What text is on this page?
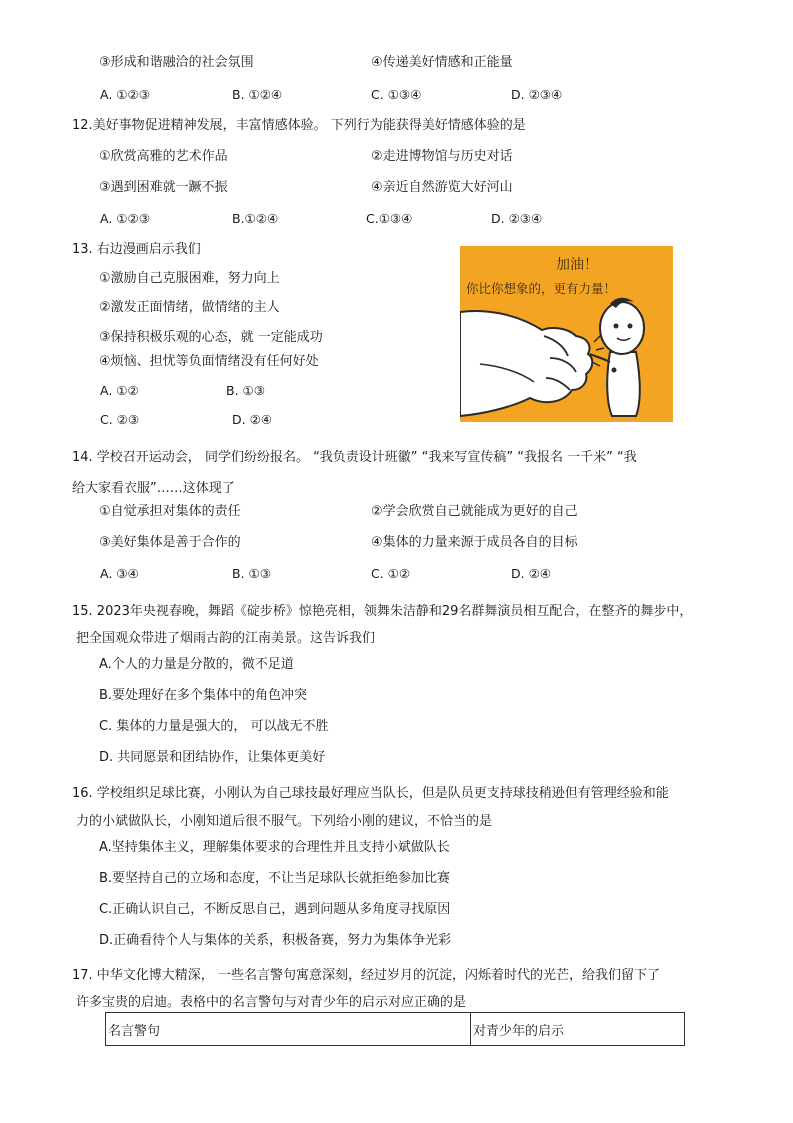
③形成和谐融洽的社会氛围	④传递美好情感和正能量
A. ①②③	B. ①②④	C. ①③④	D. ②③④
12.美好事物促进精神发展，丰富情感体验。 下列行为能获得美好情感体验的是
①欣赏高雅的艺术作品	②走进博物馆与历史对话
③遇到困难就一蹶不振	④亲近自然游览大好河山
A. ①②③	B.①②④	C.①③④	D. ②③④
13. 右边漫画启示我们
①激励自己克服困难，努力向上
②激发正面情绪，做情绪的主人
③保持积极乐观的心态，就 一定能成功
④烦恼、担忧等负面情绪没有任何好处
A. ①②	B. ①③
C. ②③	D. ②④
加油！
你比你想象的，更有力量！
14. 学校召开运动会， 同学们纷纷报名。 “我负责设计班徽” “我来写宣传稿” “我报名 一千米” “我
给大家看衣服”……这体现了
①自觉承担对集体的责任	②学会欣赏自己就能成为更好的自己
③美好集体是善于合作的	④集体的力量来源于成员各自的目标
A. ③④	B. ①③	C. ①②	D. ②④
15. 2023年央视春晚，舞蹈《碇步桥》惊艳亮相，领舞朱洁静和29名群舞演员相互配合，在整齐的舞步中，
把全国观众带进了烟雨古韵的江南美景。这告诉我们
A.个人的力量是分散的，微不足道
B.要处理好在多个集体中的角色冲突
C. 集体的力量是强大的， 可以战无不胜
D. 共同愿景和团结协作，让集体更美好
16. 学校组织足球比赛，小刚认为自己球技最好理应当队长，但是队员更支持球技稍逊但有管理经验和能
力的小斌做队长，小刚知道后很不服气。下列给小刚的建议，不恰当的是
A.坚持集体主义，理解集体要求的合理性并且支持小斌做队长
B.要坚持自己的立场和态度，不让当足球队长就拒绝参加比赛
C.正确认识自己，不断反思自己，遇到问题从多角度寻找原因
D.正确看待个人与集体的关系，积极备赛，努力为集体争光彩
17. 中华文化博大精深， 一些名言警句寓意深刻，经过岁月的沉淀，闪烁着时代的光芒，给我们留下了
许多宝贵的启迪。表格中的名言警句与对青少年的启示对应正确的是
名言警句	对青少年的启示
